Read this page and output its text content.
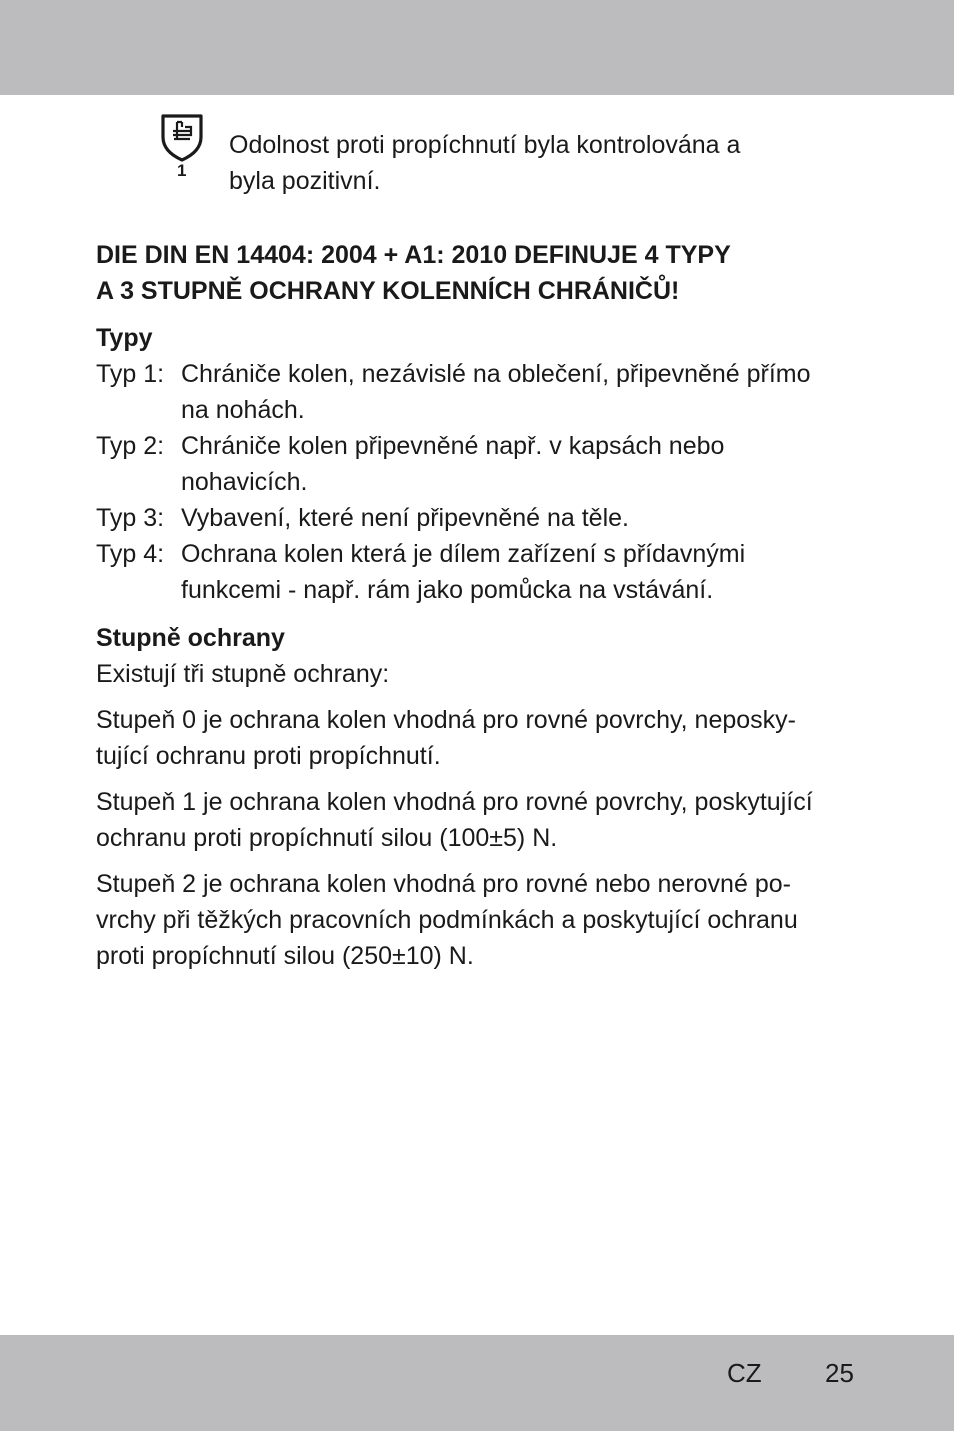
1
Odolnost proti propíchnutí byla kontrolována a
byla pozitivní.
DIE DIN EN 14404: 2004 + A1: 2010 DEFINUJE 4 TYPY
A 3 STUPNĚ OCHRANY KOLENNÍCH CHRÁNIČŮ!
Typy
Typ 1: Chrániče kolen, nezávislé na oblečení, připevněné přímo
na nohách.
Typ 2: Chrániče kolen připevněné např. v kapsách nebo
nohavicích.
Typ 3: Vybavení, které není připevněné na těle.
Typ 4: Ochrana kolen která je dílem zařízení s přídavnými
funkcemi - např. rám jako pomůcka na vstávání.
Stupně ochrany

Existují tři stupně ochrany:

Stupeň 0 je ochrana kolen vhodná pro rovné povrchy, neposky-
tující ochranu proti propíchnutí.

Stupeň 1 je ochrana kolen vhodná pro rovné povrchy, poskytující
ochranu proti propíchnutí silou (100±5) N.

Stupeň 2 je ochrana kolen vhodná pro rovné nebo nerovné po-
vrchy při těžkých pracovních podmínkách a poskytující ochranu
proti propíchnutí silou (250±10) N.

CZ 25
